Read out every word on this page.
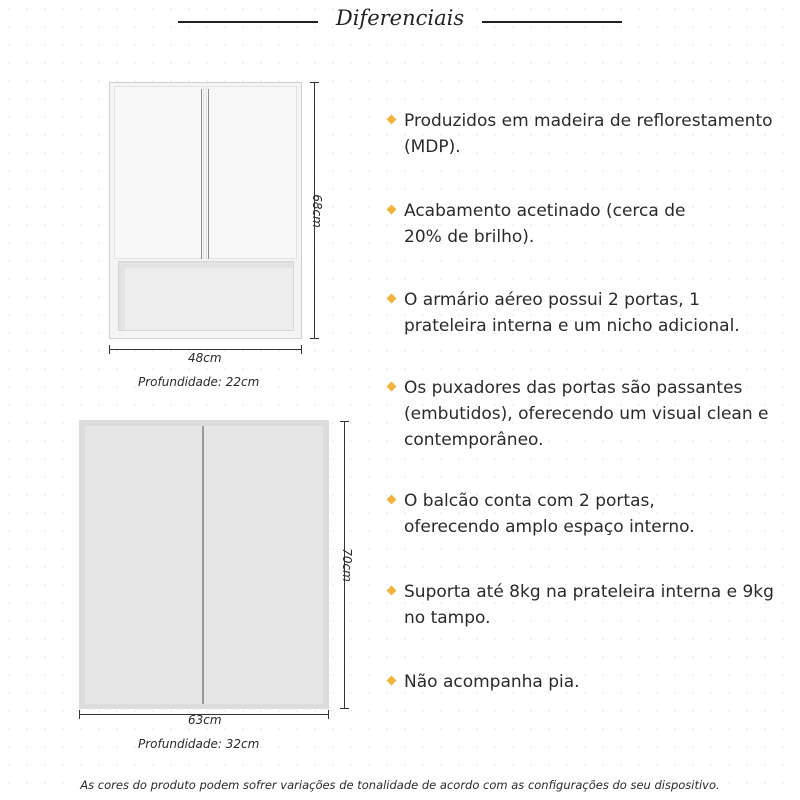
Diferenciais
48cm
68cm
Profundidade: 22cm
63cm
70cm
Profundidade: 32cm
Produzidos em madeira de reflorestamento (MDP).
Acabamento acetinado (cerca de 20% de brilho).
O armário aéreo possui 2 portas, 1 prateleira interna e um nicho adicional.
Os puxadores das portas são passantes (embutidos), oferecendo um visual clean e contemporâneo.
O balcão conta com 2 portas, oferecendo amplo espaço interno.
Suporta até 8kg na prateleira interna e 9kg no tampo.
Não acompanha pia.
As cores do produto podem sofrer variações de tonalidade de acordo com as configurações do seu dispositivo.
